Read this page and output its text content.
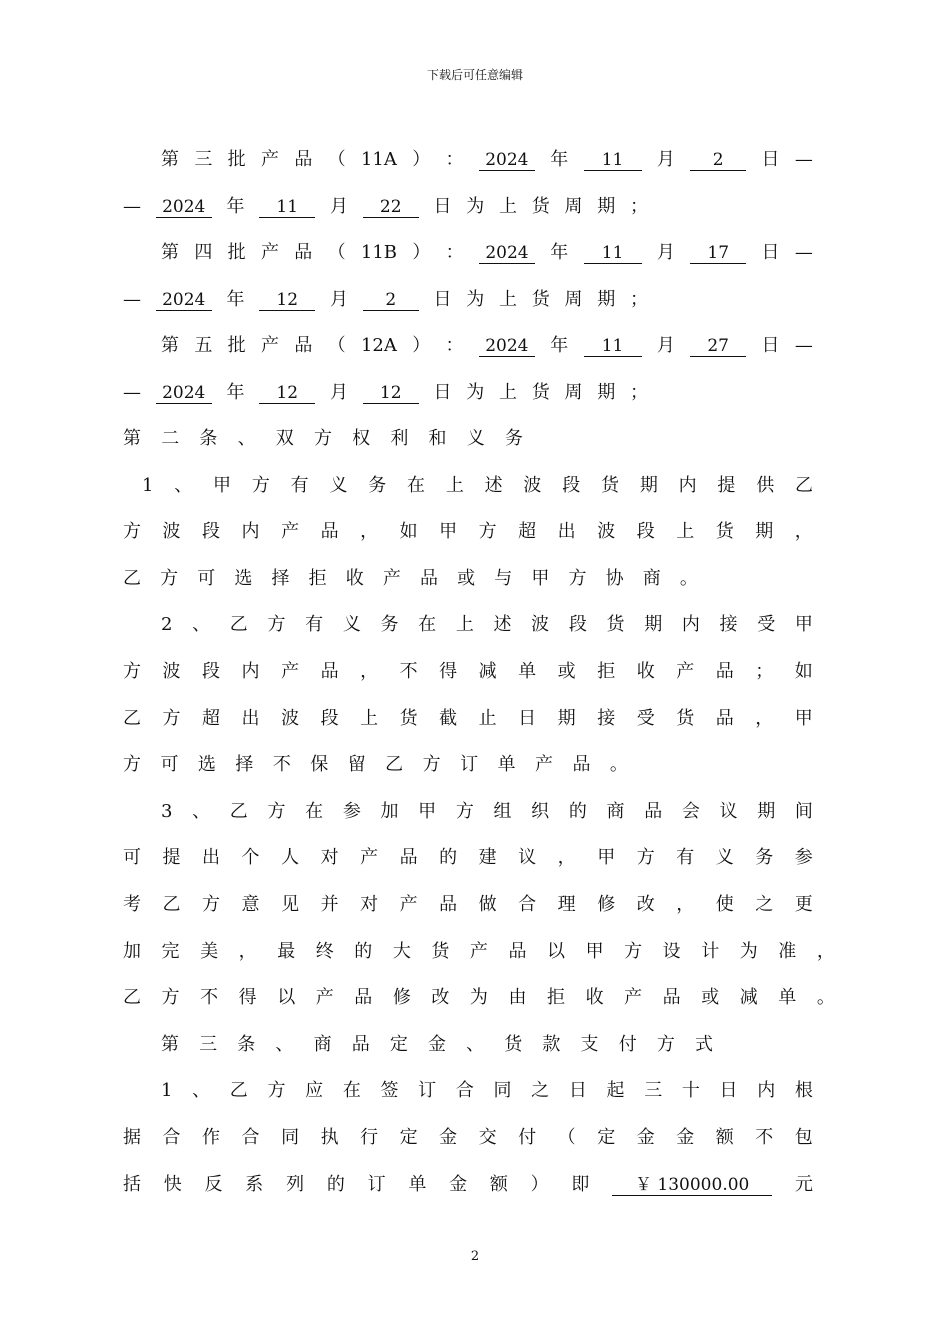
下载后可任意编辑
第 三 批 产 品 （ 11A ） ：	2024	年	11	月	2	日 —
—	2024	年	11	月	22	日 为 上 货 周 期 ；
第 四 批 产 品 （ 11B ） ：	2024	年	11	月	17	日 —
—	2024	年	12	月	2	日 为 上 货 周 期 ；
第 五 批 产 品 （ 12A ） ：	2024	年	11	月	27	日 —
—	2024	年	12	月	12	日 为 上 货 周 期 ；
第 二 条 、 双 方 权 利 和 义 务
1 、 甲 方 有 义 务 在 上 述 波 段 货 期 内 提 供 乙
方 波 段 内 产 品 ， 如 甲 方 超 出 波 段 上 货 期 ，
乙 方 可 选 择 拒 收 产 品 或 与 甲 方 协 商 。
2 、 乙 方 有 义 务 在 上 述 波 段 货 期 内 接 受 甲
方 波 段 内 产 品 ， 不 得 减 单 或 拒 收 产 品 ； 如
乙 方 超 出 波 段 上 货 截 止 日 期 接 受 货 品 ， 甲
方 可 选 择 不 保 留 乙 方 订 单 产 品 。
3 、 乙 方 在 参 加 甲 方 组 织 的 商 品 会 议 期 间
可 提 出 个 人 对 产 品 的 建 议 ， 甲 方 有 义 务 参
考 乙 方 意 见 并 对 产 品 做 合 理 修 改 ， 使 之 更
加 完 美 ， 最 终 的 大 货 产 品 以 甲 方 设 计 为 准 ，
乙 方 不 得 以 产 品 修 改 为 由 拒 收 产 品 或 减 单 。
第 三 条 、 商 品 定 金 、 货 款 支 付 方 式
1 、 乙 方 应 在 签 订 合 同 之 日 起 三 十 日 内 根
据 合 作 合 同 执 行 定 金 交 付 （ 定 金 金 额 不 包
括 快 反 系 列 的 订 单 金 额 ） 即	￥ 130000.00	元
2
